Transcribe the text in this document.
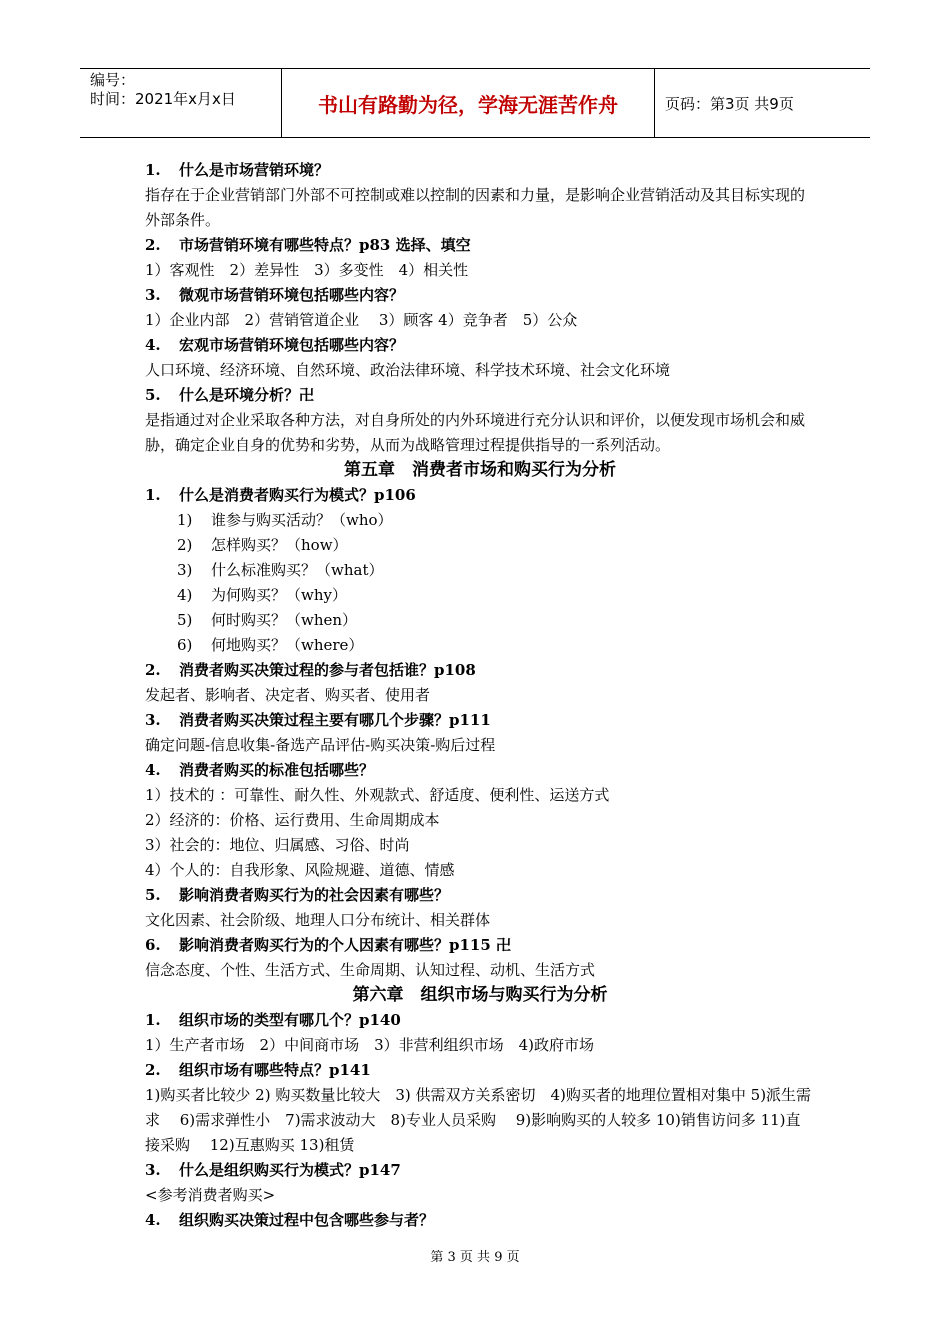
编号：
时间：2021年x月x日	书山有路勤为径，学海无涯苦作舟	页码：第3页 共9页
1. 什么是市场营销环境？
指存在于企业营销部门外部不可控制或难以控制的因素和力量，是影响企业营销活动及其目标实现的外部条件。
2. 市场营销环境有哪些特点？p83 选择、填空
1）客观性　2）差异性　3）多变性　4）相关性
3. 微观市场营销环境包括哪些内容？
1）企业内部　2）营销管道企业　 3）顾客 4）竞争者　5）公众
4. 宏观市场营销环境包括哪些内容？
人口环境、经济环境、自然环境、政治法律环境、科学技术环境、社会文化环境
5. 什么是环境分析？卍
是指通过对企业采取各种方法，对自身所处的内外环境进行充分认识和评价，以便发现市场机会和威胁，确定企业自身的优势和劣势，从而为战略管理过程提供指导的一系列活动。
第五章　消费者市场和购买行为分析
1. 什么是消费者购买行为模式？p106
1) 谁参与购买活动？（who）
2) 怎样购买？（how）
3) 什么标准购买？（what）
4) 为何购买？（why）
5) 何时购买？（when）
6) 何地购买？（where）
2. 消费者购买决策过程的参与者包括谁？p108
发起者、影响者、决定者、购买者、使用者
3. 消费者购买决策过程主要有哪几个步骤？p111
确定问题-信息收集-备选产品评估-购买决策-购后过程
4. 消费者购买的标准包括哪些？
1）技术的 ：可靠性、耐久性、外观款式、舒适度、便利性、运送方式
2）经济的：价格、运行费用、生命周期成本
3）社会的：地位、归属感、习俗、时尚
4）个人的：自我形象、风险规避、道德、情感
5. 影响消费者购买行为的社会因素有哪些？
文化因素、社会阶级、地理人口分布统计、相关群体
6. 影响消费者购买行为的个人因素有哪些？p115 卍
信念态度、个性、生活方式、生命周期、认知过程、动机、生活方式
第六章　组织市场与购买行为分析
1. 组织市场的类型有哪几个？p140
1）生产者市场　2）中间商市场　3）非营利组织市场　4)政府市场
2. 组织市场有哪些特点？p141
1)购买者比较少 2) 购买数量比较大　3) 供需双方关系密切　4)购买者的地理位置相对集中 5)派生需求　 6)需求弹性小　7)需求波动大　8)专业人员采购　 9)影响购买的人较多 10)销售访问多 11)直接采购　 12)互惠购买 13)租赁
3. 什么是组织购买行为模式？p147
<参考消费者购买>
4. 组织购买决策过程中包含哪些参与者？
第 3 页 共 9 页
